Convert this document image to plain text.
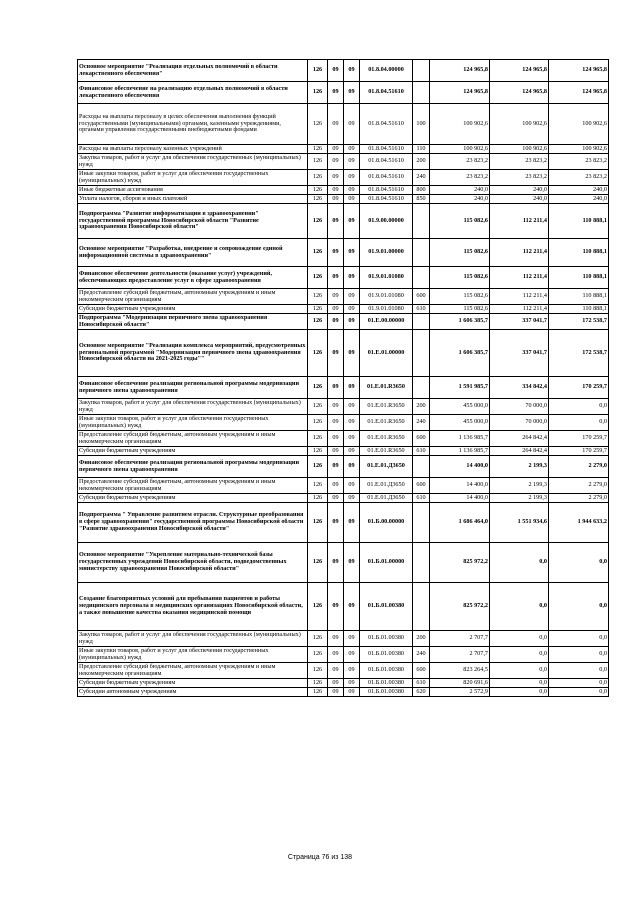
Основное мероприятие "Реализация отдельных полномочий в области лекарственного обеспечения"	126	09	09	01.8.04.00000		124 965,8	124 965,8	124 965,8
Финансовое обеспечение на реализацию отдельных полномочий в области лекарственного обеспечения	126	09	09	01.8.04.51610		124 965,8	124 965,8	124 965,8
Расходы на выплаты персоналу в целях обеспечения выполнения функций государственными (муниципальными) органами, казенными учреждениями, органами управления государственными внебюджетными фондами	126	09	09	01.8.04.51610	100	100 902,6	100 902,6	100 902,6
Расходы на выплаты персоналу казенных учреждений	126	09	09	01.8.04.51610	110	100 902,6	100 902,6	100 902,6
Закупка товаров, работ и услуг для обеспечения государственных (муниципальных) нужд	126	09	09	01.8.04.51610	200	23 823,2	23 823,2	23 823,2
Иные закупки товаров, работ и услуг для обеспечения государственных (муниципальных) нужд	126	09	09	01.8.04.51610	240	23 823,2	23 823,2	23 823,2
Иные бюджетные ассигнования	126	09	09	01.8.04.51610	800	240,0	240,0	240,0
Уплата налогов, сборов и иных платежей	126	09	09	01.8.04.51610	850	240,0	240,0	240,0
Подпрограмма "Развитие информатизации в здравоохранении" государственной программы Новосибирской области "Развитие здравоохранения Новосибирской области"	126	09	09	01.9.00.00000		115 082,6	112 211,4	110 888,1
Основное мероприятие "Разработка, внедрение и сопровождение единой информационной системы в здравоохранении"	126	09	09	01.9.01.00000		115 082,6	112 211,4	110 888,1
Финансовое обеспечение деятельности (оказание услуг) учреждений, обеспечивающих предоставление услуг в сфере здравоохранения	126	09	09	01.9.01.01080		115 082,6	112 211,4	110 888,1
Предоставление субсидий бюджетным, автономным учреждениям и иным некоммерческим организациям	126	09	09	01.9.01.01080	600	115 082,6	112 211,4	110 888,1
Субсидии бюджетным учреждениям	126	09	09	01.9.01.01080	610	115 082,6	112 211,4	110 888,1
Подпрограмма "Модернизация первичного звена здравоохранения Новосибирской области"	126	09	09	01.Е.00.00000		1 606 385,7	337 041,7	172 538,7
Основное мероприятие "Реализация комплекса мероприятий, предусмотренных региональной программой "Модернизация первичного звена здравоохранения Новосибирской области на 2021-2025 годы""	126	09	09	01.Е.01.00000		1 606 385,7	337 041,7	172 538,7
Финансовое обеспечение реализации региональной программы модернизации первичного звена здравоохранения	126	09	09	01.Е.01.R3650		1 591 985,7	334 842,4	170 259,7
Закупка товаров, работ и услуг для обеспечения государственных (муниципальных) нужд	126	09	09	01.Е.01.R3650	200	455 000,0	70 000,0	0,0
Иные закупки товаров, работ и услуг для обеспечения государственных (муниципальных) нужд	126	09	09	01.Е.01.R3650	240	455 000,0	70 000,0	0,0
Предоставление субсидий бюджетным, автономным учреждениям и иным некоммерческим организациям	126	09	09	01.Е.01.R3650	600	1 136 985,7	264 842,4	170 259,7
Субсидии бюджетным учреждениям	126	09	09	01.Е.01.R3650	610	1 136 985,7	264 842,4	170 259,7
Финансовое обеспечение реализации региональной программы модернизации первичного звена здравоохранения	126	09	09	01.Е.01.Д3650		14 400,0	2 199,3	2 279,0
Предоставление субсидий бюджетным, автономным учреждениям и иным некоммерческим организациям	126	09	09	01.Е.01.Д3650	600	14 400,0	2 199,3	2 279,0
Субсидии бюджетным учреждениям	126	09	09	01.Е.01.Д3650	610	14 400,0	2 199,3	2 279,0
Подпрограмма " Управление развитием отрасли. Структурные преобразования в сфере здравоохранения" государственной программы Новосибирской области "Развитие здравоохранения Новосибирской области"	126	09	09	01.Б.00.00000		1 686 464,0	1 551 934,6	1 944 633,2
Основное мероприятие "Укрепление материально-технической базы государственных учреждений Новосибирской области, подведомственных министерству здравоохранения Новосибирской области"	126	09	09	01.Б.01.00000		825 972,2	0,0	0,0
Создание благоприятных условий для пребывания пациентов и работы медицинского персонала в медицинских организациях Новосибирской области, а также повышение качества оказания медицинской помощи	126	09	09	01.Б.01.00380		825 972,2	0,0	0,0
Закупка товаров, работ и услуг для обеспечения государственных (муниципальных) нужд	126	09	09	01.Б.01.00380	200	2 707,7	0,0	0,0
Иные закупки товаров, работ и услуг для обеспечения государственных (муниципальных) нужд	126	09	09	01.Б.01.00380	240	2 707,7	0,0	0,0
Предоставление субсидий бюджетным, автономным учреждениям и иным некоммерческим организациям	126	09	09	01.Б.01.00380	600	823 264,5	0,0	0,0
Субсидии бюджетным учреждениям	126	09	09	01.Б.01.00380	610	820 691,6	0,0	0,0
Субсидии автономным учреждениям	126	09	09	01.Б.01.00380	620	2 572,9	0,0	0,0
Страница 76 из 138
